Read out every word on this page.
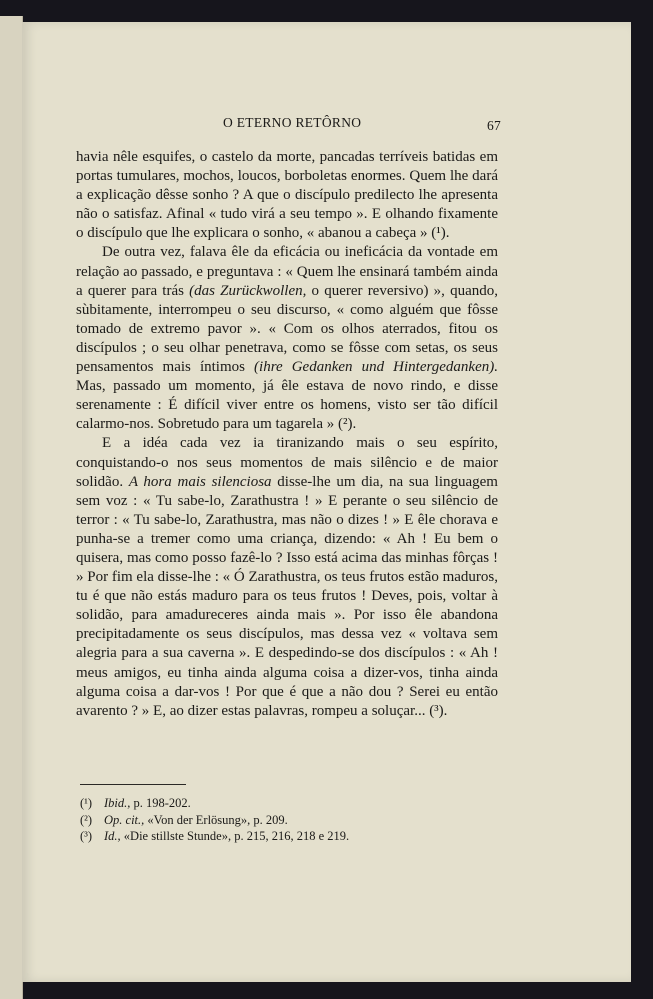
O ETERNO RETÔRNO	67

havia nêle esquifes, o castelo da morte, pancadas terríveis batidas em portas tumulares, mochos, loucos, borboletas enormes. Quem lhe dará a explicação dêsse sonho ? A que o discípulo predilecto lhe apresenta não o satisfaz. Afinal « tudo virá a seu tempo ». E olhando fixamente o discípulo que lhe explicara o sonho, « abanou a cabeça » (¹).

De outra vez, falava êle da eficácia ou ineficácia da vontade em relação ao passado, e preguntava : « Quem lhe ensinará também ainda a querer para trás (das Zurückwollen, o querer reversivo) », quando, sùbitamente, interrompeu o seu discurso, « como alguém que fôsse tomado de extremo pavor ». « Com os olhos aterrados, fitou os discípulos ; o seu olhar penetrava, como se fôsse com setas, os seus pensamentos mais íntimos (ihre Gedanken und Hintergedanken). Mas, passado um momento, já êle estava de novo rindo, e disse serenamente : É difícil viver entre os homens, visto ser tão difícil calarmo-nos. Sobretudo para um tagarela » (²).

E a idéa cada vez ia tiranizando mais o seu espírito, conquistando-o nos seus momentos de mais silêncio e de maior solidão. A hora mais silenciosa disse-lhe um dia, na sua linguagem sem voz : « Tu sabe-lo, Zarathustra ! » E perante o seu silêncio de terror : « Tu sabe-lo, Zarathustra, mas não o dizes ! » E êle chorava e punha-se a tremer como uma criança, dizendo: « Ah ! Eu bem o quisera, mas como posso fazê-lo ? Isso está acima das minhas fôrças ! » Por fim ela disse-lhe : « Ó Zarathustra, os teus frutos estão maduros, tu é que não estás maduro para os teus frutos ! Deves, pois, voltar à solidão, para amadureceres ainda mais ». Por isso êle abandona precipitadamente os seus discípulos, mas dessa vez « voltava sem alegria para a sua caverna ». E despedindo-se dos discípulos : « Ah ! meus amigos, eu tinha ainda alguma coisa a dizer-vos, tinha ainda alguma coisa a dar-vos ! Por que é que a não dou ? Serei eu então avarento ? » E, ao dizer estas palavras, rompeu a soluçar... (³).

(¹) Ibid., p. 198-202.
(²) Op. cit., «Von der Erlösung», p. 209.
(³) Id., «Die stillste Stunde», p. 215, 216, 218 e 219.
